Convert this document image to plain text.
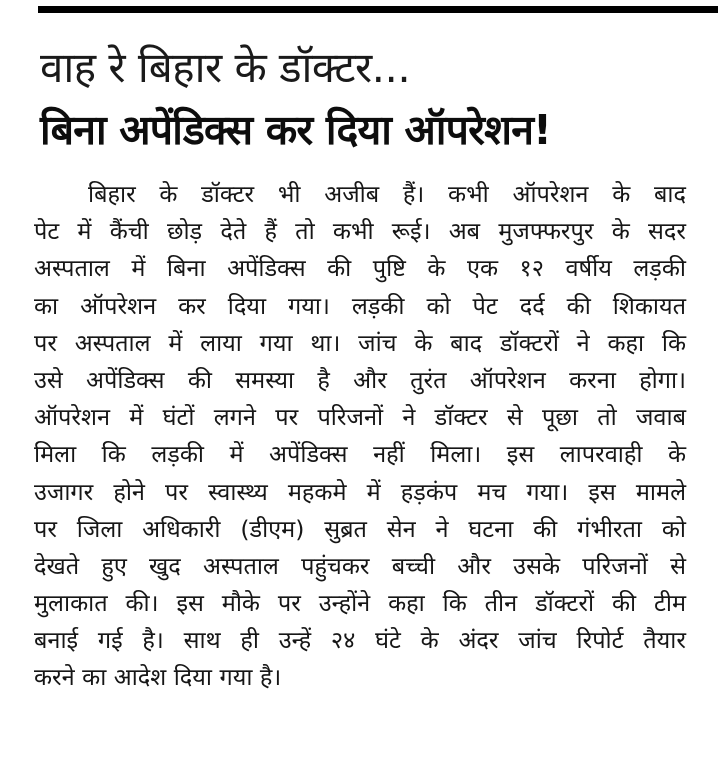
वाह रे बिहार के डॉक्टर...
बिना अपेंडिक्स कर दिया ऑपरेशन!
बिहार के डॉक्टर भी अजीब हैं। कभी ऑपरेशन के बाद
पेट में कैंची छोड़ देते हैं तो कभी रूई। अब मुजफ्फरपुर के सदर
अस्पताल में बिना अपेंडिक्स की पुष्टि के एक १२ वर्षीय लड़की
का ऑपरेशन कर दिया गया। लड़की को पेट दर्द की शिकायत
पर अस्पताल में लाया गया था। जांच के बाद डॉक्टरों ने कहा कि
उसे अपेंडिक्स की समस्या है और तुरंत ऑपरेशन करना होगा।
ऑपरेशन में घंटों लगने पर परिजनों ने डॉक्टर से पूछा तो जवाब
मिला कि लड़की में अपेंडिक्स नहीं मिला। इस लापरवाही के
उजागर होने पर स्वास्थ्य महकमे में हड़कंप मच गया। इस मामले
पर जिला अधिकारी (डीएम) सुब्रत सेन ने घटना की गंभीरता को
देखते हुए खुद अस्पताल पहुंचकर बच्ची और उसके परिजनों से
मुलाकात की। इस मौके पर उन्होंने कहा कि तीन डॉक्टरों की टीम
बनाई गई है। साथ ही उन्हें २४ घंटे के अंदर जांच रिपोर्ट तैयार
करने का आदेश दिया गया है।
